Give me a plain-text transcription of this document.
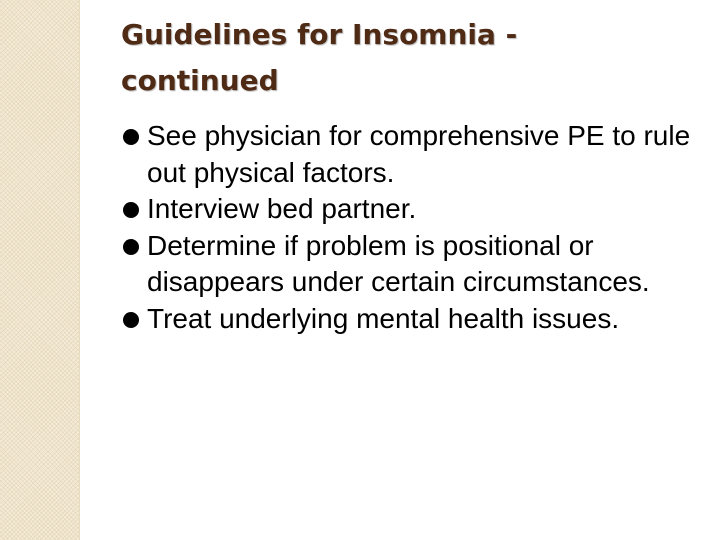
Guidelines for Insomnia - continued
See physician for comprehensive PE to rule out physical factors.
Interview bed partner.
Determine if problem is positional or disappears under certain circumstances.
Treat underlying mental health issues.
